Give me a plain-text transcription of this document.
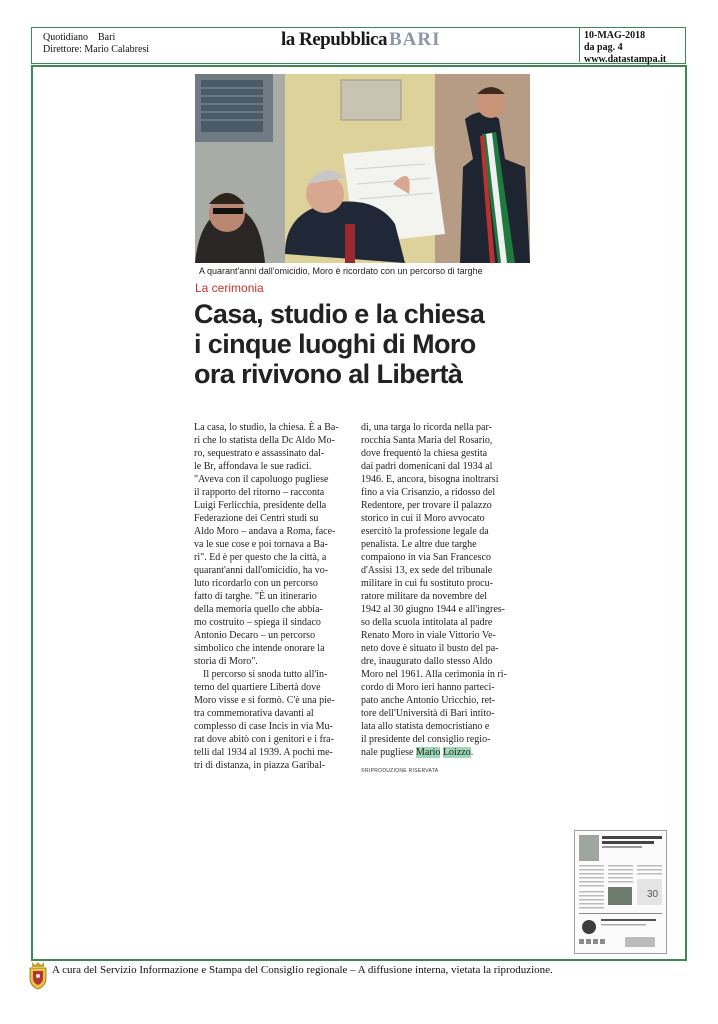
Quotidiano Bari
Direttore: Mario Calabresi	la Repubblica BARI	10-MAG-2018
da pag. 4
www.datastampa.it
A quarant'anni dall'omicidio, Moro è ricordato con un percorso di targhe
La cerimonia
Casa, studio e la chiesa
i cinque luoghi di Moro
ora rivivono al Libertà
La casa, lo studio, la chiesa. È a Ba-
ri che lo statista della Dc Aldo Mo-
ro, sequestrato e assassinato dal-
le Br, affondava le sue radici.
"Aveva con il capoluogo pugliese
il rapporto del ritorno – racconta
Luigi Ferlicchia, presidente della
Federazione dei Centri studi su
Aldo Moro – andava a Roma, face-
va le sue cose e poi tornava a Ba-
ri". Ed è per questo che la città, a
quarant'anni dall'omicidio, ha vo-
luto ricordarlo con un percorso
fatto di targhe. "È un itinerario
della memoria quello che abbia-
mo costruito – spiega il sindaco
Antonio Decaro – un percorso
simbolico che intende onorare la
storia di Moro".
Il percorso si snoda tutto all'in-
terno del quartiere Libertà dove
Moro visse e si formò. C'è una pie-
tra commemorativa davanti al
complesso di case Incis in via Mu-
rat dove abitò con i genitori e i fra-
telli dal 1934 al 1939. A pochi me-
tri di distanza, in piazza Garibal-
di, una targa lo ricorda nella par-
rocchia Santa Maria del Rosario,
dove frequentò la chiesa gestita
dai padri domenicani dal 1934 al
1946. E, ancora, bisogna inoltrarsi
fino a via Crisanzio, a ridosso del
Redentore, per trovare il palazzo
storico in cui il Moro avvocato
esercitò la professione legale da
penalista. Le altre due targhe
compaiono in via San Francesco
d'Assisi 13, ex sede del tribunale
militare in cui fu sostituto procu-
ratore militare da novembre del
1942 al 30 giugno 1944 e all'ingres-
so della scuola intitolata al padre
Renato Moro in viale Vittorio Ve-
neto dove è situato il busto del pa-
dre, inaugurato dallo stesso Aldo
Moro nel 1961. Alla cerimonia in ri-
cordo di Moro ieri hanno partecí-
pato anche Antonio Uricchio, ret-
tore dell'Università di Bari intito-
lata allo statista democristiano e
il presidente del consiglio regio-
nale pugliese Mario Loizzo.
©RIPRODUZIONE RISERVATA
30
A cura del Servizio Informazione e Stampa del Consiglio regionale – A diffusione interna, vietata la riproduzione.
